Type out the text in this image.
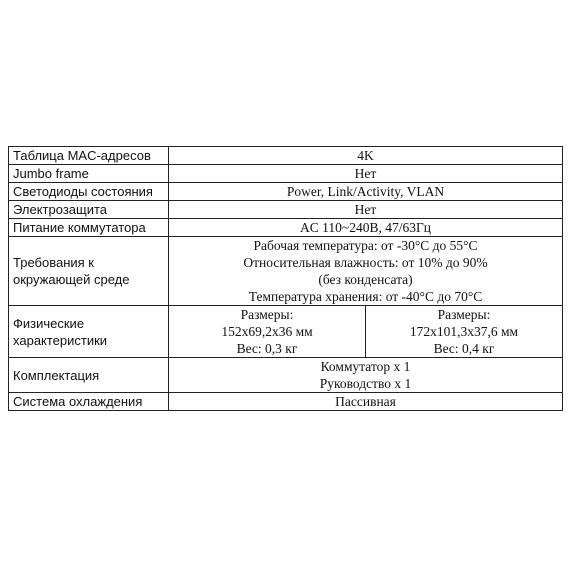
Таблица MAC-адресов	4K	
Jumbo frame	Нет	
Светодиоды состояния	Power, Link/Activity, VLAN	
Электрозащита	Нет	
Питание коммутатора	AC 110~240В, 47/63Гц	
Требования к окружающей среде	Рабочая температура: от -30°C до 55°C
Относительная влажность: от 10% до 90%
(без конденсата)
Температура хранения: от -40°C до 70°C	

Физические характеристики	Размеры:
152x69,2x36 мм
Вес: 0,3 кг	Размеры:
172x101,3x37,6 мм
Вес: 0,4 кг

Комплектация	Коммутатор x 1
Руководство x 1	

Система охлаждения	Пассивная	
